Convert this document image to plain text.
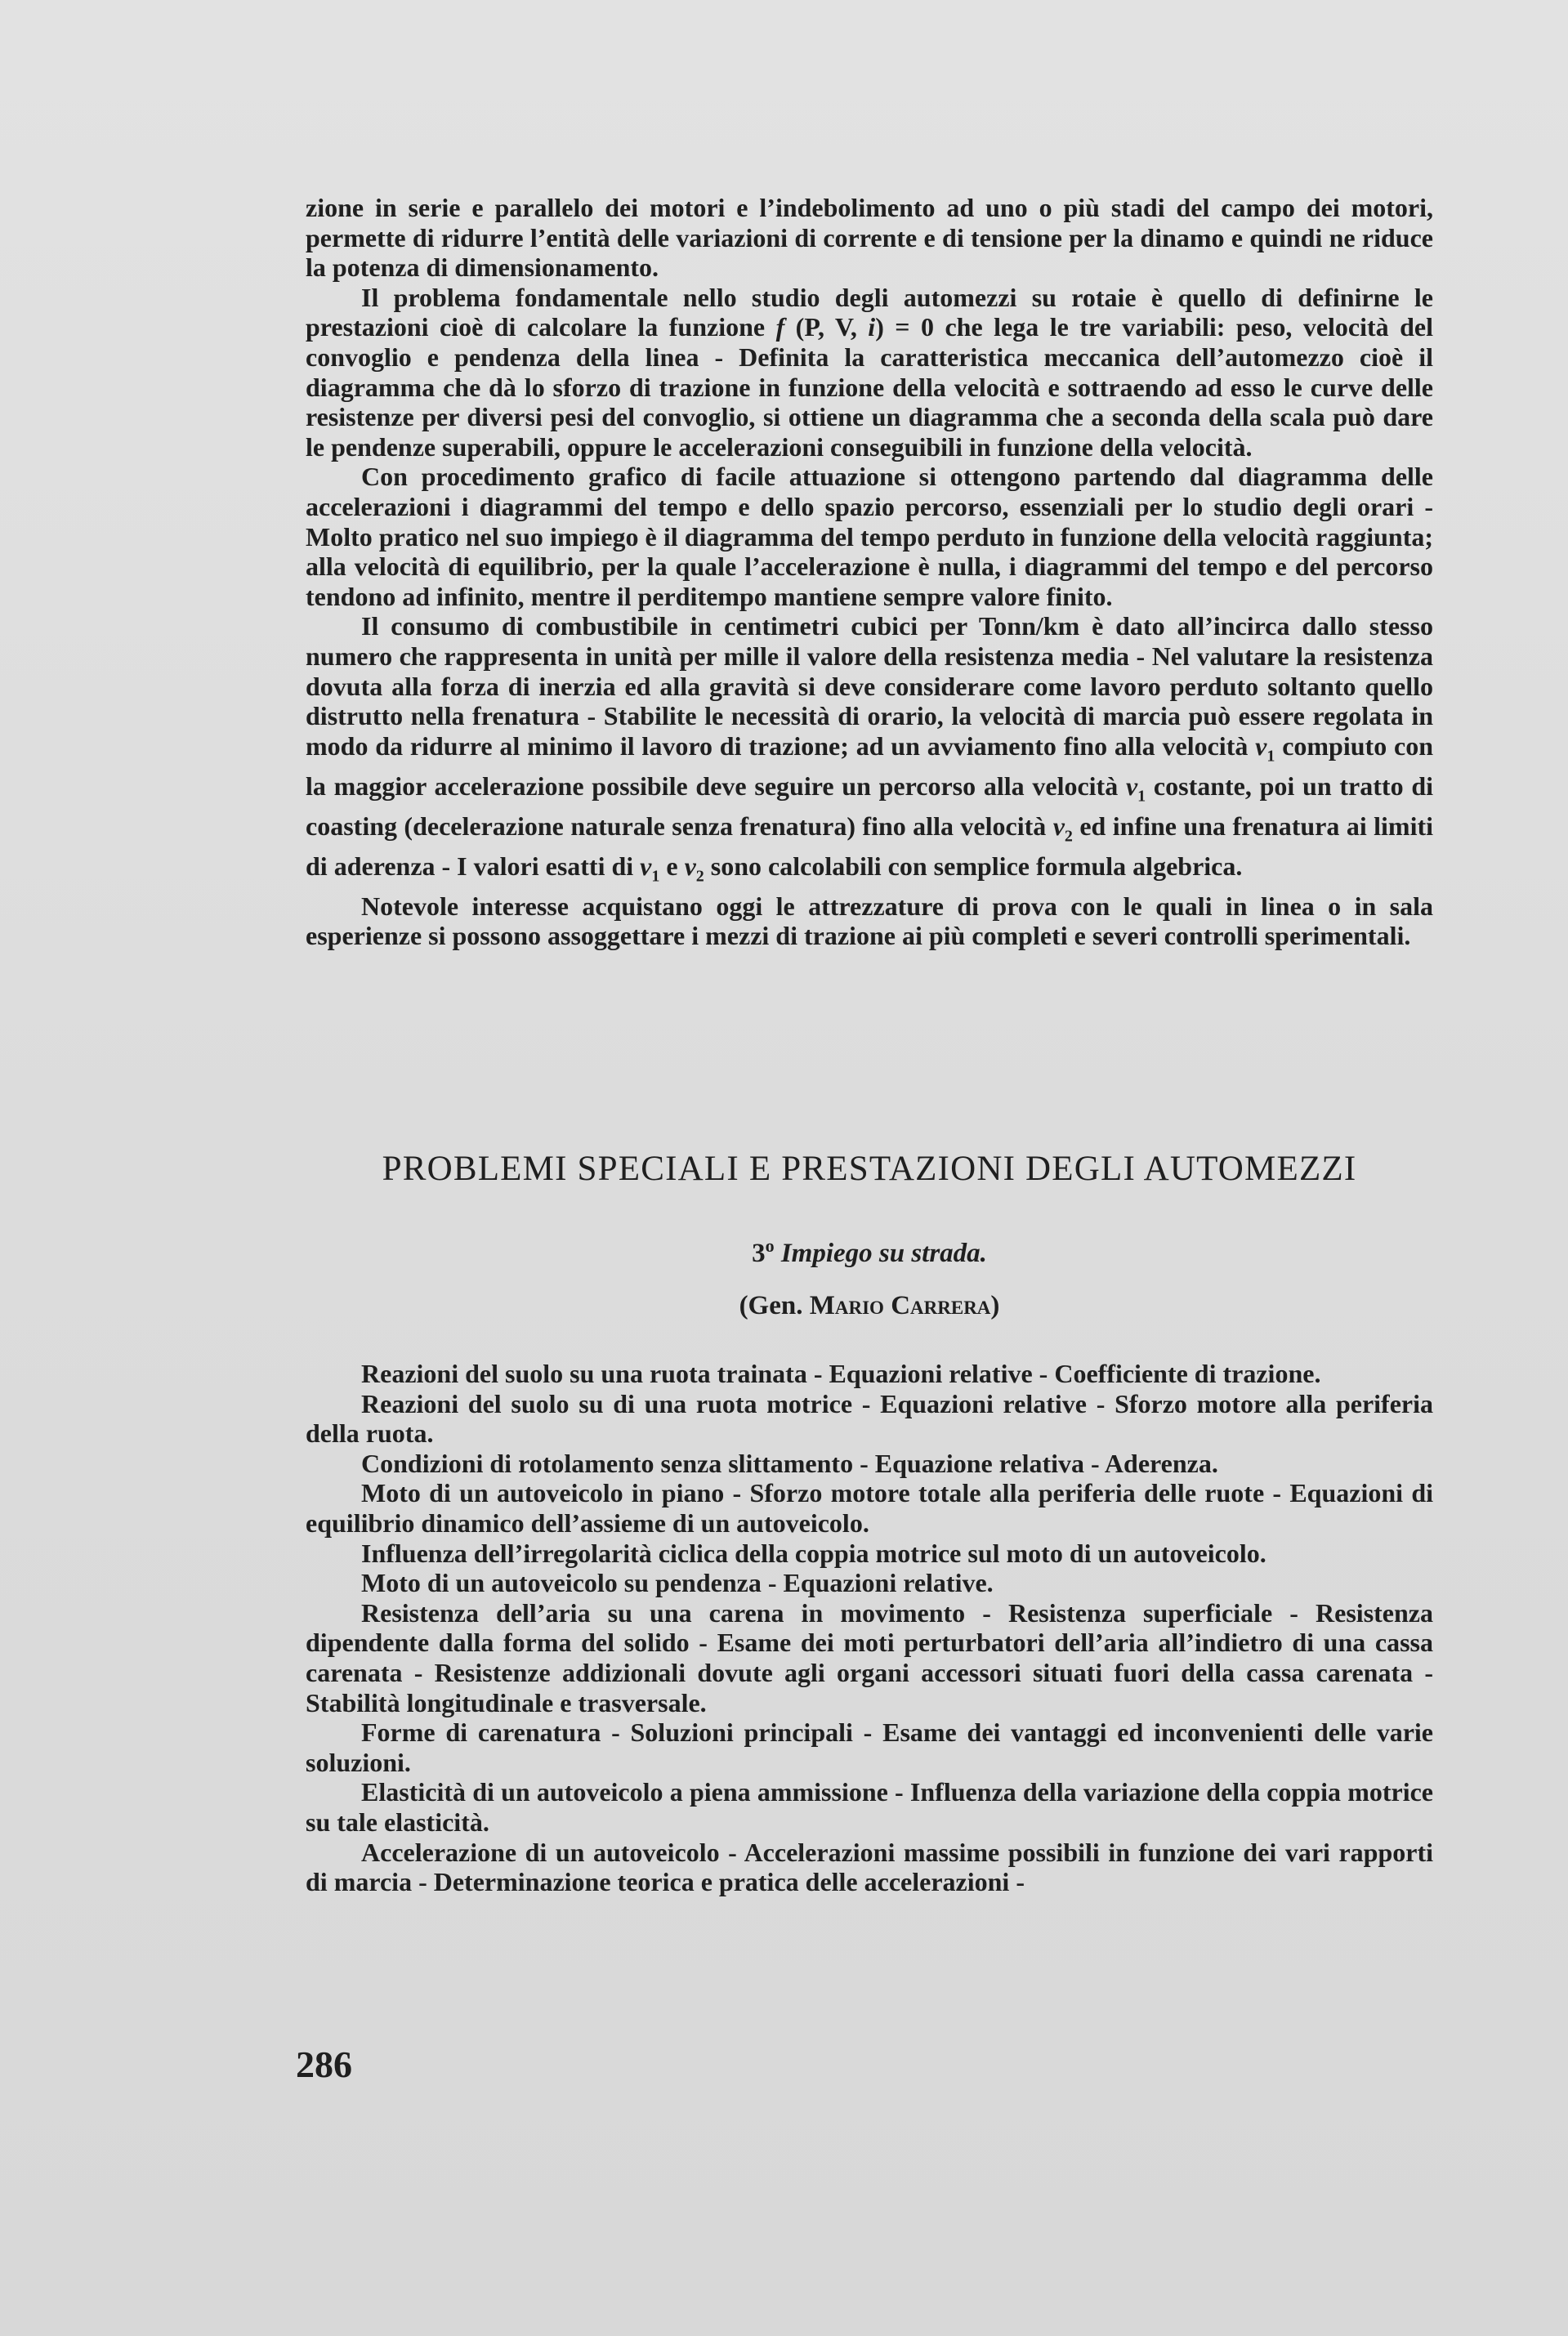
zione in serie e parallelo dei motori e l’indebolimento ad uno o più stadi del campo dei motori, permette di ridurre l’entità delle variazioni di corrente e di tensione per la dinamo e quindi ne riduce la potenza di dimensionamento.

Il problema fondamentale nello studio degli automezzi su rotaie è quello di definirne le prestazioni cioè di calcolare la funzione f (P, V, i) = 0 che lega le tre variabili: peso, velocità del convoglio e pendenza della linea - Definita la caratteristica meccanica dell’automezzo cioè il diagramma che dà lo sforzo di trazione in funzione della velocità e sottraendo ad esso le curve delle resistenze per diversi pesi del convoglio, si ottiene un diagramma che a seconda della scala può dare le pendenze superabili, oppure le accelerazioni conseguibili in funzione della velocità.

Con procedimento grafico di facile attuazione si ottengono partendo dal diagramma delle accelerazioni i diagrammi del tempo e dello spazio percorso, essenziali per lo studio degli orari - Molto pratico nel suo impiego è il diagramma del tempo perduto in funzione della velocità raggiunta; alla velocità di equilibrio, per la quale l’accelerazione è nulla, i diagrammi del tempo e del percorso tendono ad infinito, mentre il perditempo mantiene sempre valore finito.

Il consumo di combustibile in centimetri cubici per Tonn/km è dato all’incirca dallo stesso numero che rappresenta in unità per mille il valore della resistenza media - Nel valutare la resistenza dovuta alla forza di inerzia ed alla gravità si deve considerare come lavoro perduto soltanto quello distrutto nella frenatura - Stabilite le necessità di orario, la velocità di marcia può essere regolata in modo da ridurre al minimo il lavoro di trazione; ad un avviamento fino alla velocità $v_1$ compiuto con la maggior accelerazione possibile deve seguire un percorso alla velocità $v_1$ costante, poi un tratto di coasting (decelerazione naturale senza frenatura) fino alla velocità $v_2$ ed infine una frenatura ai limiti di aderenza - I valori esatti di $v_1$ e $v_2$ sono calcolabili con semplice formula algebrica.

Notevole interesse acquistano oggi le attrezzature di prova con le quali in linea o in sala esperienze si possono assoggettare i mezzi di trazione ai più completi e severi controlli sperimentali.

PROBLEMI SPECIALI E PRESTAZIONI DEGLI AUTOMEZZI
3$^o$ Impiego su strada.
(Gen. Mario Carrera)

Reazioni del suolo su una ruota trainata - Equazioni relative - Coefficiente di trazione.

Reazioni del suolo su di una ruota motrice - Equazioni relative - Sforzo motore alla periferia della ruota.

Condizioni di rotolamento senza slittamento - Equazione relativa - Aderenza.

Moto di un autoveicolo in piano - Sforzo motore totale alla periferia delle ruote - Equazioni di equilibrio dinamico dell’assieme di un autoveicolo.

Influenza dell’irregolarità ciclica della coppia motrice sul moto di un autoveicolo.

Moto di un autoveicolo su pendenza - Equazioni relative.

Resistenza dell’aria su una carena in movimento - Resistenza superficiale - Resistenza dipendente dalla forma del solido - Esame dei moti perturbatori dell’aria all’indietro di una cassa carenata - Resistenze addizionali dovute agli organi accessori situati fuori della cassa carenata - Stabilità longitudinale e trasversale.

Forme di carenatura - Soluzioni principali - Esame dei vantaggi ed inconvenienti delle varie soluzioni.

Elasticità di un autoveicolo a piena ammissione - Influenza della variazione della coppia motrice su tale elasticità.

Accelerazione di un autoveicolo - Accelerazioni massime possibili in funzione dei vari rapporti di marcia - Determinazione teorica e pratica delle accelerazioni -

286
